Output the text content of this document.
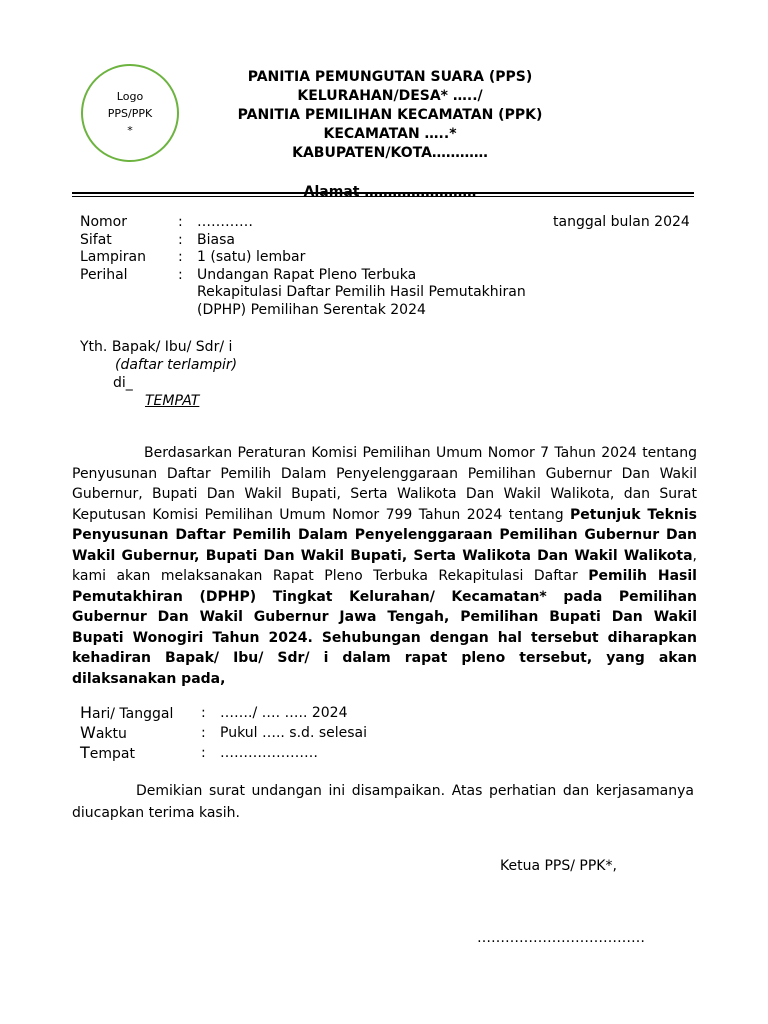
Logo
PPS/PPK
*
PANITIA PEMUNGUTAN SUARA (PPS) KELURAHAN/DESA* …../
PANITIA PEMILIHAN KECAMATAN (PPK) KECAMATAN …..*
KABUPATEN/KOTA…………
Alamat ……………………
Nomor	: …………
Sifat	: Biasa
Lampiran : 1 (satu) lembar
Perihal	: Undangan Rapat Pleno Terbuka
Rekapitulasi Daftar Pemilih Hasil Pemutakhiran
(DPHP) Pemilihan Serentak 2024
tanggal bulan 2024
Yth. Bapak/ Ibu/ Sdr/ i
(daftar terlampir)
di_
TEMPAT
Berdasarkan Peraturan Komisi Pemilihan Umum Nomor 7 Tahun 2024 tentang Penyusunan Daftar Pemilih Dalam Penyelenggaraan Pemilihan Gubernur Dan Wakil Gubernur, Bupati Dan Wakil Bupati, Serta Walikota Dan Wakil Walikota, dan Surat Keputusan Komisi Pemilihan Umum Nomor 799 Tahun 2024 tentang Petunjuk Teknis Penyusunan Daftar Pemilih Dalam Penyelenggaraan Pemilihan Gubernur Dan Wakil Gubernur, Bupati Dan Wakil Bupati, Serta Walikota Dan Wakil Walikota, kami akan melaksanakan Rapat Pleno Terbuka Rekapitulasi Daftar Pemilih Hasil Pemutakhiran (DPHP) Tingkat Kelurahan/ Kecamatan* pada Pemilihan Gubernur Dan Wakil Gubernur Jawa Tengah, Pemilihan Bupati Dan Wakil Bupati Wonogiri Tahun 2024. Sehubungan dengan hal tersebut diharapkan kehadiran Bapak/ Ibu/ Sdr/ i dalam rapat pleno tersebut, yang akan dilaksanakan pada,
Hari/ Tanggal : ……./ …. ….. 2024
Waktu	: Pukul ….. s.d. selesai
Tempat	: …………………
Demikian surat undangan ini disampaikan. Atas perhatian dan kerjasamanya diucapkan terima kasih.
Ketua PPS/ PPK*,
………………………………
